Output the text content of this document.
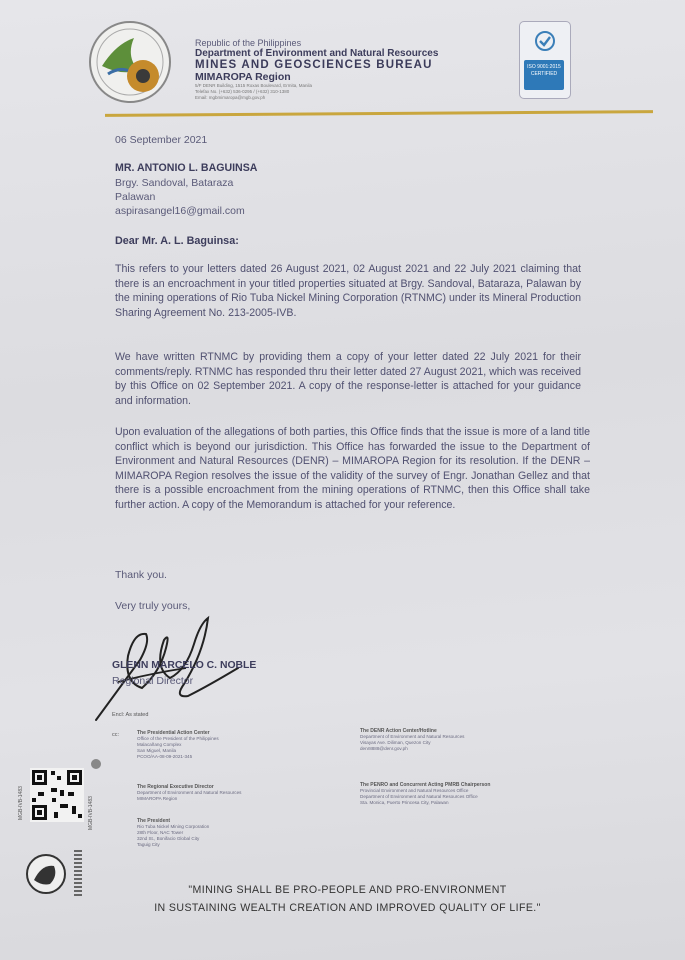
ISO 9001:2015 CERTIFIED
Republic of the Philippines
Department of Environment and Natural Resources
MINES AND GEOSCIENCES BUREAU
MIMAROPA Region
5/F DENR Building, 1515 Roxas Boulevard, Ermita, Manila
Telefax No. (+632) 536-0295 / (+632) 310-1380
Email: mgbmimaropa@mgb.gov.ph
06 September 2021
MR. ANTONIO L. BAGUINSA
Brgy. Sandoval, Bataraza
Palawan
aspirasangel16@gmail.com
Dear Mr. A. L. Baguinsa:
This refers to your letters dated 26 August 2021, 02 August 2021 and 22 July 2021 claiming that there is an encroachment in your titled properties situated at Brgy. Sandoval, Bataraza, Palawan by the mining operations of Rio Tuba Nickel Mining Corporation (RTNMC) under its Mineral Production Sharing Agreement No. 213-2005-IVB.
We have written RTNMC by providing them a copy of your letter dated 22 July 2021 for their comments/reply. RTNMC has responded thru their letter dated 27 August 2021, which was received by this Office on 02 September 2021. A copy of the response-letter is attached for your guidance and information.
Upon evaluation of the allegations of both parties, this Office finds that the issue is more of a land title conflict which is beyond our jurisdiction. This Office has forwarded the issue to the Department of Environment and Natural Resources (DENR) – MIMAROPA Region for its resolution. If the DENR – MIMAROPA Region resolves the issue of the validity of the survey of Engr. Jonathan Gellez and that there is a possible encroachment from the mining operations of RTNMC, then this Office shall take further action. A copy of the Memorandum is attached for your reference.
Thank you.
Very truly yours,
GLENN MARCELO C. NOBLE
Regional Director
Encl: As stated
cc:	The Presidential Action Center
Office of the President of the Philippines
Malacañang Complex
San Miguel, Manila
PCOO/AA-08-09-2021-345
The DENR Action Center/Hotline
Department of Environment and Natural Resources
Visayas Ave. Diliman, Quezon City
denr8888@denr.gov.ph
The Regional Executive Director
Department of Environment and Natural Resources
MIMAROPA Region
The PENRO and Concurrent Acting PMRB Chairperson
Provincial Environment and Natural Resources Office
Department of Environment and Natural Resources Office
Sta. Monica, Puerto Princesa City, Palawan
The President
Rio Tuba Nickel Mining Corporation
28th Floor, NAC Tower
32nd St., Bonifacio Global City
Taguig City
MGB-IVB-1483	MGB-IVB-1483
"MINING SHALL BE PRO-PEOPLE AND PRO-ENVIRONMENT
IN SUSTAINING WEALTH CREATION AND IMPROVED QUALITY OF LIFE."
